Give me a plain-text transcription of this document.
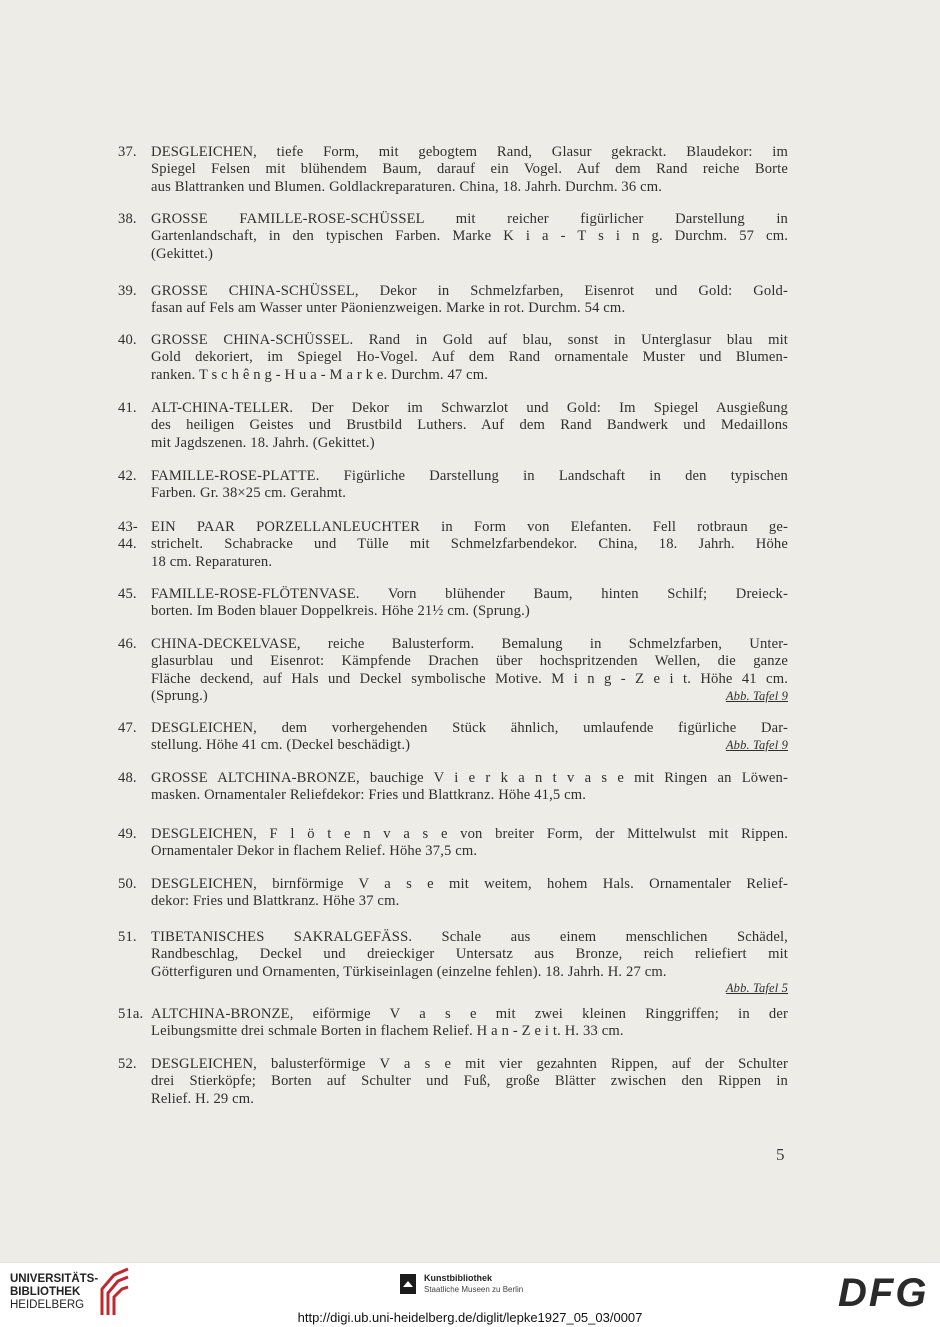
37. DESGLEICHEN, tiefe Form, mit gebogtem Rand, Glasur gekrackt. Blaudekor: im
Spiegel Felsen mit blühendem Baum, darauf ein Vogel. Auf dem Rand reiche Borte
aus Blattranken und Blumen. Goldlackreparaturen. China, 18. Jahrh. Durchm. 36 cm.
38. GROSSE FAMILLE-ROSE-SCHÜSSEL mit reicher figürlicher Darstellung in
Gartenlandschaft, in den typischen Farben. Marke K i a - T s i n g. Durchm. 57 cm.
(Gekittet.)
39. GROSSE CHINA-SCHÜSSEL, Dekor in Schmelzfarben, Eisenrot und Gold: Gold-
fasan auf Fels am Wasser unter Päonienzweigen. Marke in rot. Durchm. 54 cm.
40. GROSSE CHINA-SCHÜSSEL. Rand in Gold auf blau, sonst in Unterglasur blau mit
Gold dekoriert, im Spiegel Ho-Vogel. Auf dem Rand ornamentale Muster und Blumen-
ranken. T s c h ê n g - H u a - M a r k e. Durchm. 47 cm.
41. ALT-CHINA-TELLER. Der Dekor im Schwarzlot und Gold: Im Spiegel Ausgießung
des heiligen Geistes und Brustbild Luthers. Auf dem Rand Bandwerk und Medaillons
mit Jagdszenen. 18. Jahrh. (Gekittet.)
42. FAMILLE-ROSE-PLATTE. Figürliche Darstellung in Landschaft in den typischen
Farben. Gr. 38×25 cm. Gerahmt.
43-44.
EIN PAAR PORZELLANLEUCHTER in Form von Elefanten. Fell rotbraun ge-
strichelt. Schabracke und Tülle mit Schmelzfarbendekor. China, 18. Jahrh. Höhe
18 cm. Reparaturen.
45. FAMILLE-ROSE-FLÖTENVASE. Vorn blühender Baum, hinten Schilf; Dreieck-
borten. Im Boden blauer Doppelkreis. Höhe 21½ cm. (Sprung.)
46. CHINA-DECKELVASE, reiche Balusterform. Bemalung in Schmelzfarben, Unter-
glasurblau und Eisenrot: Kämpfende Drachen über hochspritzenden Wellen, die ganze
Fläche deckend, auf Hals und Deckel symbolische Motive. M i n g - Z e i t. Höhe 41 cm.
Abb. Tafel 9
(Sprung.)
47. DESGLEICHEN, dem vorhergehenden Stück ähnlich, umlaufende figürliche Dar-
Abb. Tafel 9
stellung. Höhe 41 cm. (Deckel beschädigt.)
48. GROSSE ALTCHINA-BRONZE, bauchige V i e r k a n t v a s e mit Ringen an Löwen-
masken. Ornamentaler Reliefdekor: Fries und Blattkranz. Höhe 41,5 cm.
49. DESGLEICHEN, F l ö t e n v a s e von breiter Form, der Mittelwulst mit Rippen.
Ornamentaler Dekor in flachem Relief. Höhe 37,5 cm.
50. DESGLEICHEN, birnförmige V a s e mit weitem, hohem Hals. Ornamentaler Relief-
dekor: Fries und Blattkranz. Höhe 37 cm.
51. TIBETANISCHES SAKRALGEFÄSS. Schale aus einem menschlichen Schädel,
Randbeschlag, Deckel und dreieckiger Untersatz aus Bronze, reich reliefiert mit
Götterfiguren und Ornamenten, Türkiseinlagen (einzelne fehlen). 18. Jahrh. H. 27 cm.
Abb. Tafel 5
51a. ALTCHINA-BRONZE, eiförmige V a s e mit zwei kleinen Ringgriffen; in der
Leibungsmitte drei schmale Borten in flachem Relief. H a n - Z e i t. H. 33 cm.
52. DESGLEICHEN, balusterförmige V a s e mit vier gezahnten Rippen, auf der Schulter
drei Stierköpfe; Borten auf Schulter und Fuß, große Blätter zwischen den Rippen in
Relief. H. 29 cm.
5
UNIVERSITÄTS-
BIBLIOTHEK
HEIDELBERG
Kunstbibliothek
Staatliche Museen zu Berlin	DFG
http://digi.ub.uni-heidelberg.de/diglit/lepke1927_05_03/0007
